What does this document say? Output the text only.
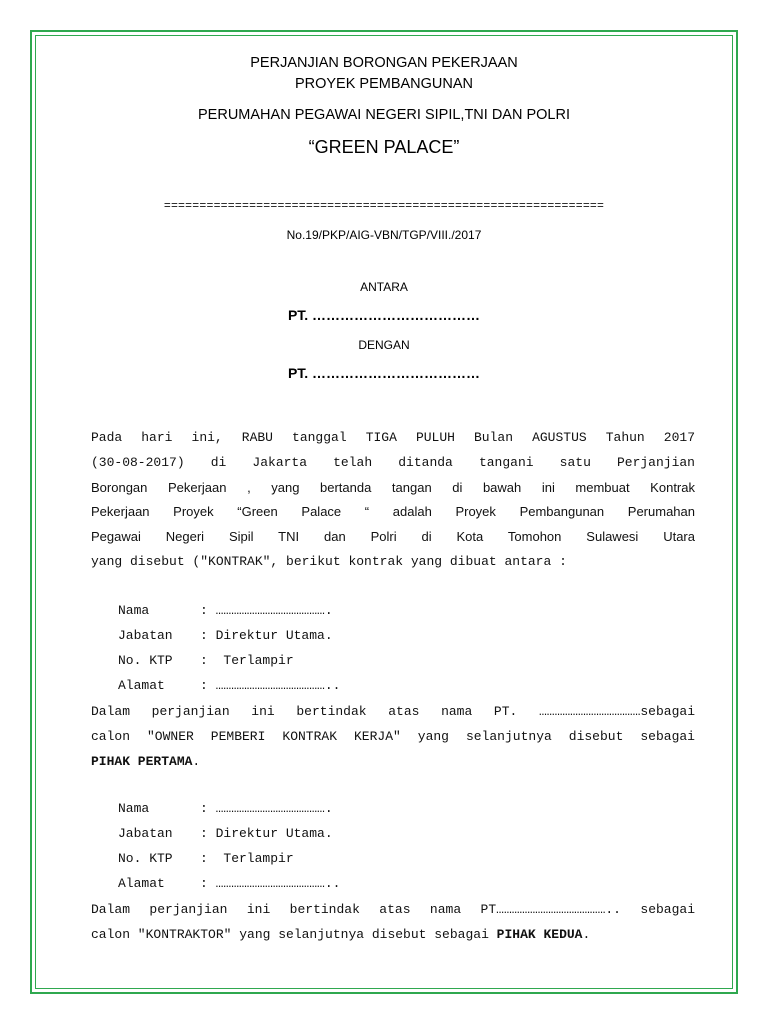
PERJANJIAN BORONGAN PEKERJAAN
PROYEK PEMBANGUNAN
PERUMAHAN PEGAWAI NEGERI SIPIL,TNI DAN POLRI
“GREEN PALACE”
==============================================================
No.19/PKP/AIG-VBN/TGP/VIII./2017
ANTARA
PT. ………………………………
DENGAN
PT. ………………………………
Pada hari ini, RABU tanggal TIGA PULUH Bulan AGUSTUS Tahun 2017
(30-08-2017) di Jakarta telah ditanda tangani satu Perjanjian
Borongan Pekerjaan , yang bertanda tangan di bawah ini membuat Kontrak
Pekerjaan Proyek “Green Palace “ adalah Proyek Pembangunan Perumahan
Pegawai Negeri Sipil TNI dan Polri di Kota Tomohon Sulawesi Utara
yang disebut ("KONTRAK", berikut kontrak yang dibuat antara :
Nama	: …………………………………….
Jabatan : Direktur Utama.
No. KTP :  Terlampir
Alamat	: ……………………………………..
Dalam perjanjian ini bertindak atas nama PT. …………………………………sebagai
calon "OWNER PEMBERI KONTRAK KERJA" yang selanjutnya disebut sebagai
PIHAK PERTAMA.
Nama	: …………………………………….
Jabatan : Direktur Utama.
No. KTP :  Terlampir
Alamat	: ……………………………………..
Dalam perjanjian ini bertindak atas nama PT…………………………………….. sebagai
calon "KONTRAKTOR" yang selanjutnya disebut sebagai PIHAK KEDUA.
